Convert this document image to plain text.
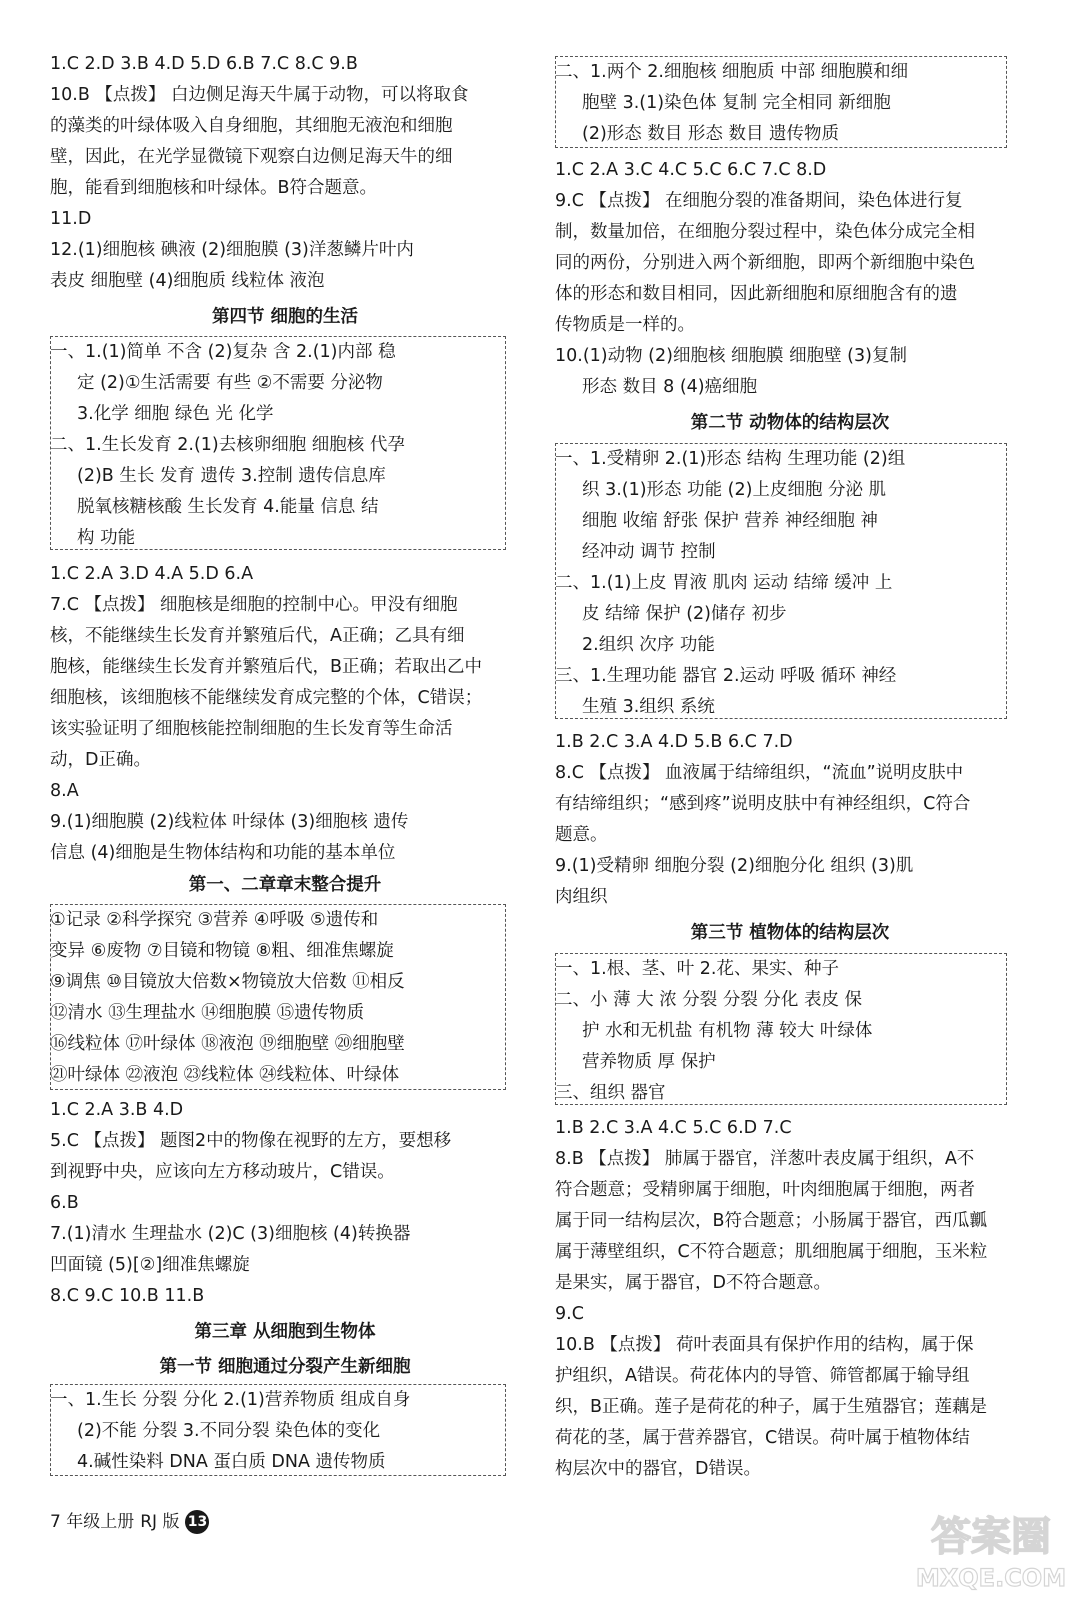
1.C 2.D 3.B 4.D 5.D 6.B 7.C 8.C 9.B
10.B 【点拨】 白边侧足海天牛属于动物，可以将取食
的藻类的叶绿体吸入自身细胞，其细胞无液泡和细胞
壁，因此，在光学显微镜下观察白边侧足海天牛的细
胞，能看到细胞核和叶绿体。B符合题意。
11.D
12.(1)细胞核 碘液 (2)细胞膜 (3)洋葱鳞片叶内
表皮 细胞壁 (4)细胞质 线粒体 液泡
第四节 细胞的生活
一、1.(1)简单 不含 (2)复杂 含 2.(1)内部 稳
定 (2)①生活需要 有些 ②不需要 分泌物
3.化学 细胞 绿色 光 化学
二、1.生长发育 2.(1)去核卵细胞 细胞核 代孕
(2)B 生长 发育 遗传 3.控制 遗传信息库
脱氧核糖核酸 生长发育 4.能量 信息 结
构 功能
1.C 2.A 3.D 4.A 5.D 6.A
7.C 【点拨】 细胞核是细胞的控制中心。甲没有细胞
核，不能继续生长发育并繁殖后代，A正确；乙具有细
胞核，能继续生长发育并繁殖后代，B正确；若取出乙中
细胞核，该细胞核不能继续发育成完整的个体，C错误；
该实验证明了细胞核能控制细胞的生长发育等生命活
动，D正确。
8.A
9.(1)细胞膜 (2)线粒体 叶绿体 (3)细胞核 遗传
信息 (4)细胞是生物体结构和功能的基本单位
第一、二章章末整合提升
①记录 ②科学探究 ③营养 ④呼吸 ⑤遗传和
变异 ⑥废物 ⑦目镜和物镜 ⑧粗、细准焦螺旋
⑨调焦 ⑩目镜放大倍数×物镜放大倍数 ⑪相反
⑫清水 ⑬生理盐水 ⑭细胞膜 ⑮遗传物质
⑯线粒体 ⑰叶绿体 ⑱液泡 ⑲细胞壁 ⑳细胞壁
㉑叶绿体 ㉒液泡 ㉓线粒体 ㉔线粒体、叶绿体
1.C 2.A 3.B 4.D
5.C 【点拨】 题图2中的物像在视野的左方，要想移
到视野中央，应该向左方移动玻片，C错误。
6.B
7.(1)清水 生理盐水 (2)C (3)细胞核 (4)转换器
凹面镜 (5)[②]细准焦螺旋
8.C 9.C 10.B 11.B
第三章 从细胞到生物体
第一节 细胞通过分裂产生新细胞
一、1.生长 分裂 分化 2.(1)营养物质 组成自身
(2)不能 分裂 3.不同分裂 染色体的变化
4.碱性染料 DNA 蛋白质 DNA 遗传物质
7 年级上册 RJ 版 13
二、1.两个 2.细胞核 细胞质 中部 细胞膜和细
胞壁 3.(1)染色体 复制 完全相同 新细胞
(2)形态 数目 形态 数目 遗传物质
1.C 2.A 3.C 4.C 5.C 6.C 7.C 8.D
9.C 【点拨】 在细胞分裂的准备期间，染色体进行复
制，数量加倍，在细胞分裂过程中，染色体分成完全相
同的两份，分别进入两个新细胞，即两个新细胞中染色
体的形态和数目相同，因此新细胞和原细胞含有的遗
传物质是一样的。
10.(1)动物 (2)细胞核 细胞膜 细胞壁 (3)复制
形态 数目 8 (4)癌细胞
第二节 动物体的结构层次
一、1.受精卵 2.(1)形态 结构 生理功能 (2)组
织 3.(1)形态 功能 (2)上皮细胞 分泌 肌
细胞 收缩 舒张 保护 营养 神经细胞 神
经冲动 调节 控制
二、1.(1)上皮 胃液 肌肉 运动 结缔 缓冲 上
皮 结缔 保护 (2)储存 初步
2.组织 次序 功能
三、1.生理功能 器官 2.运动 呼吸 循环 神经
生殖 3.组织 系统
1.B 2.C 3.A 4.D 5.B 6.C 7.D
8.C 【点拨】 血液属于结缔组织，“流血”说明皮肤中
有结缔组织；“感到疼”说明皮肤中有神经组织，C符合
题意。
9.(1)受精卵 细胞分裂 (2)细胞分化 组织 (3)肌
肉组织
第三节 植物体的结构层次
一、1.根、茎、叶 2.花、果实、种子
二、小 薄 大 浓 分裂 分裂 分化 表皮 保
护 水和无机盐 有机物 薄 较大 叶绿体
营养物质 厚 保护
三、组织 器官
1.B 2.C 3.A 4.C 5.C 6.D 7.C
8.B 【点拨】 肺属于器官，洋葱叶表皮属于组织，A不
符合题意；受精卵属于细胞，叶肉细胞属于细胞，两者
属于同一结构层次，B符合题意；小肠属于器官，西瓜瓤
属于薄壁组织，C不符合题意；肌细胞属于细胞，玉米粒
是果实，属于器官，D不符合题意。
9.C
10.B 【点拨】 荷叶表面具有保护作用的结构，属于保
护组织，A错误。荷花体内的导管、筛管都属于输导组
织，B正确。莲子是荷花的种子，属于生殖器官；莲藕是
荷花的茎，属于营养器官，C错误。荷叶属于植物体结
构层次中的器官，D错误。
答案圈
MXQE.COM
